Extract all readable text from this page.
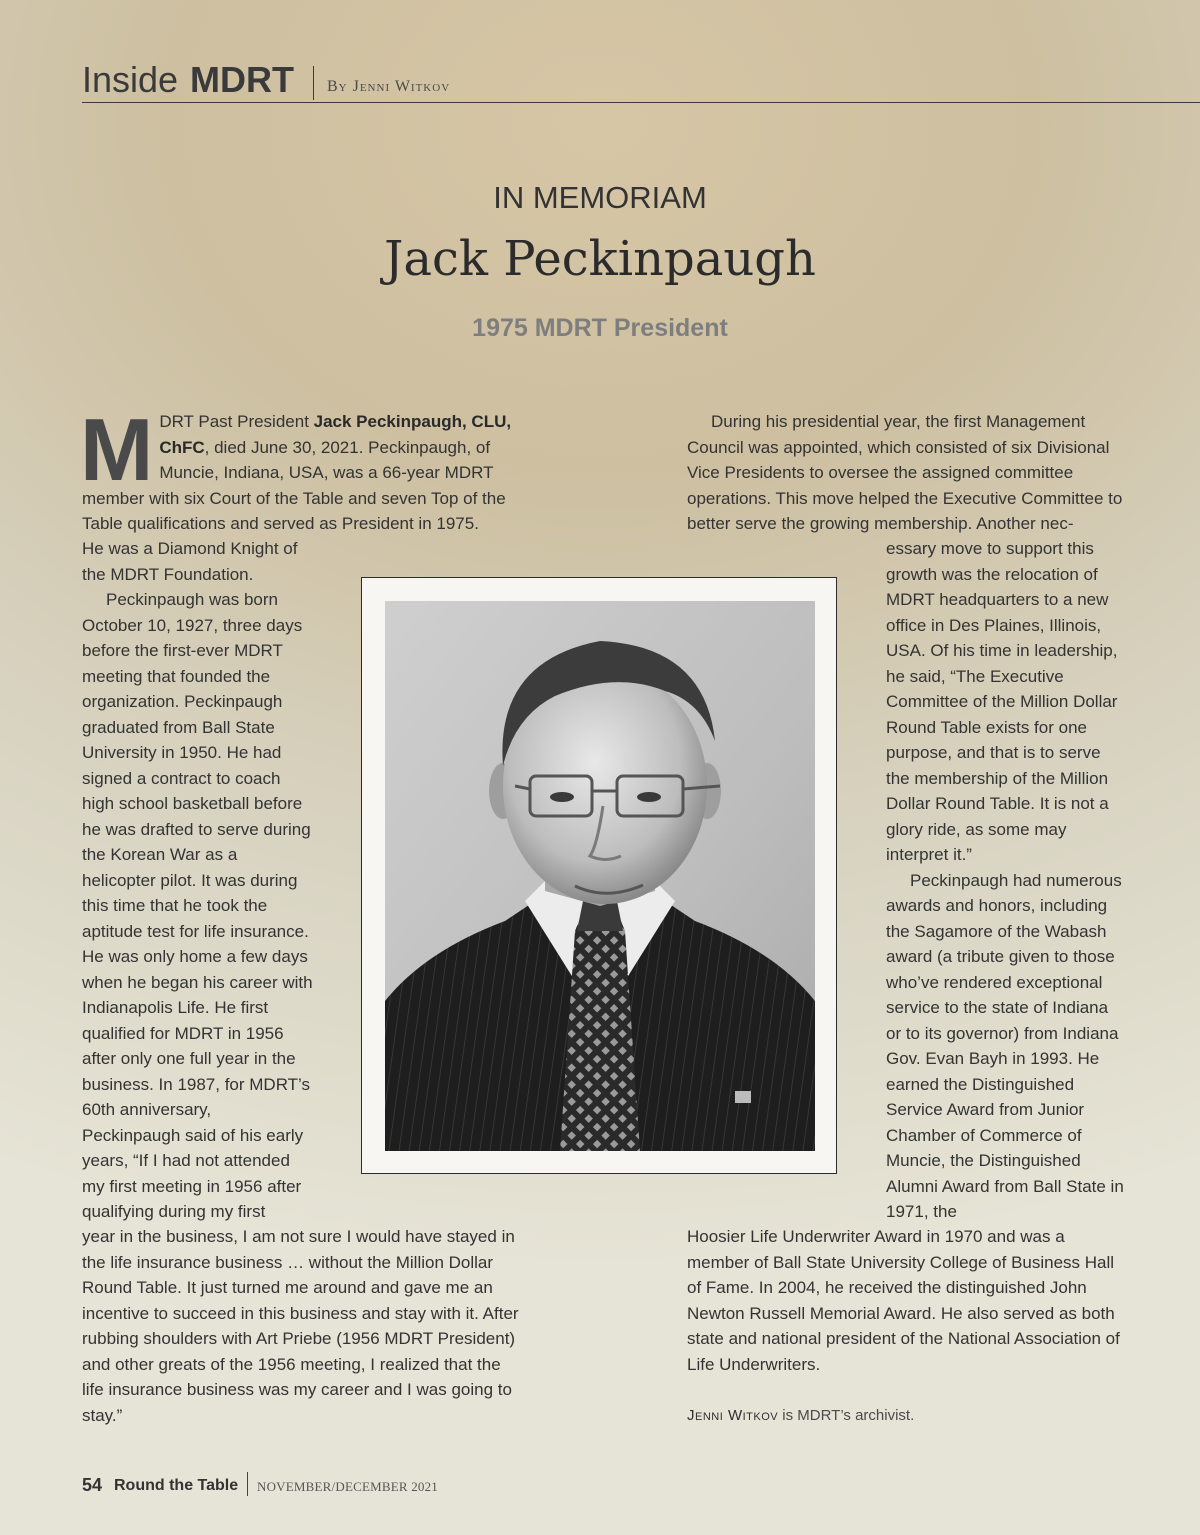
Inside MDRT By Jenni Witkov
IN MEMORIAM
Jack Peckinpaugh
1975 MDRT President

MDRT Past President Jack Peckinpaugh, CLU, ChFC, died June 30, 2021. Peckinpaugh, of Muncie, Indiana, USA, was a 66-year MDRT member with six Court of the Table and seven Top of the Table qualifications and served as President in 1975.

He was a Diamond Knight of the MDRT Foundation.

Peckinpaugh was born October 10, 1927, three days before the first-ever MDRT meeting that founded the organization. Peckinpaugh graduated from Ball State University in 1950. He had signed a contract to coach high school basketball before he was drafted to serve during the Korean War as a helicopter pilot. It was during this time that he took the aptitude test for life insurance. He was only home a few days when he began his career with Indianapolis Life. He first qualified for MDRT in 1956 after only one full year in the business. In 1987, for MDRT’s 60th anniversary, Peckinpaugh said of his early years, “If I had not attended my first meeting in 1956 after qualifying during my first

year in the business, I am not sure I would have stayed in the life insurance business … without the Million Dollar Round Table. It just turned me around and gave me an incentive to succeed in this business and stay with it. After rubbing shoulders with Art Priebe (1956 MDRT President) and other greats of the 1956 meeting, I realized that the life insurance business was my career and I was going to stay.”

During his presidential year, the first Management Council was appointed, which consisted of six Divisional Vice Presidents to oversee the assigned committee operations. This move helped the Executive Committee to better serve the growing membership. Another nec-

essary move to support this growth was the relocation of MDRT headquarters to a new office in Des Plaines, Illinois, USA. Of his time in leadership, he said, “The Executive Committee of the Million Dollar Round Table exists for one purpose, and that is to serve the membership of the Million Dollar Round Table. It is not a glory ride, as some may interpret it.”

Peckinpaugh had numerous awards and honors, including the Sagamore of the Wabash award (a tribute given to those who’ve rendered exceptional service to the state of Indiana or to its governor) from Indiana Gov. Evan Bayh in 1993. He earned the Distinguished Service Award from Junior Chamber of Commerce of Muncie, the Distinguished Alumni Award from Ball State in 1971, the

Hoosier Life Underwriter Award in 1970 and was a member of Ball State University College of Business Hall of Fame. In 2004, he received the distinguished John Newton Russell Memorial Award. He also served as both state and national president of the National Association of Life Underwriters.

Jenni Witkov is MDRT’s archivist.
54 Round the Table NOVEMBER/DECEMBER 2021
